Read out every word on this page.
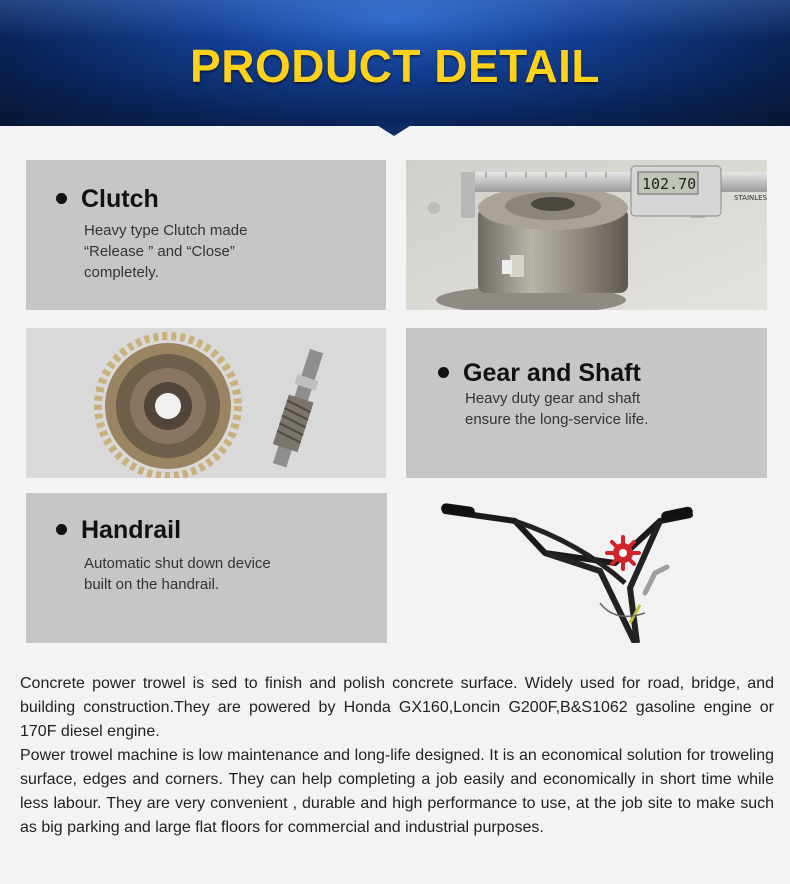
PRODUCT DETAIL
Clutch
Heavy type Clutch made
“Release ” and “Close”
completely.
102.70
STAINLES
Gear and Shaft
Heavy duty gear and shaft
ensure the long-service life.
Handrail
Automatic shut down device
built on the handrail.

Concrete power trowel is sed to finish and polish concrete surface. Widely used for road, bridge, and building construction.They are powered by Honda GX160,Loncin G200F,B&S1062 gasoline engine or 170F diesel engine.

Power trowel machine is low maintenance and long-life designed. It is an economical solution for troweling surface, edges and corners. They can help completing a job easily and economically in short time while less labour. They are very convenient , durable and high performance to use, at the job site to make such as big parking and large flat floors for commercial and industrial purposes.
